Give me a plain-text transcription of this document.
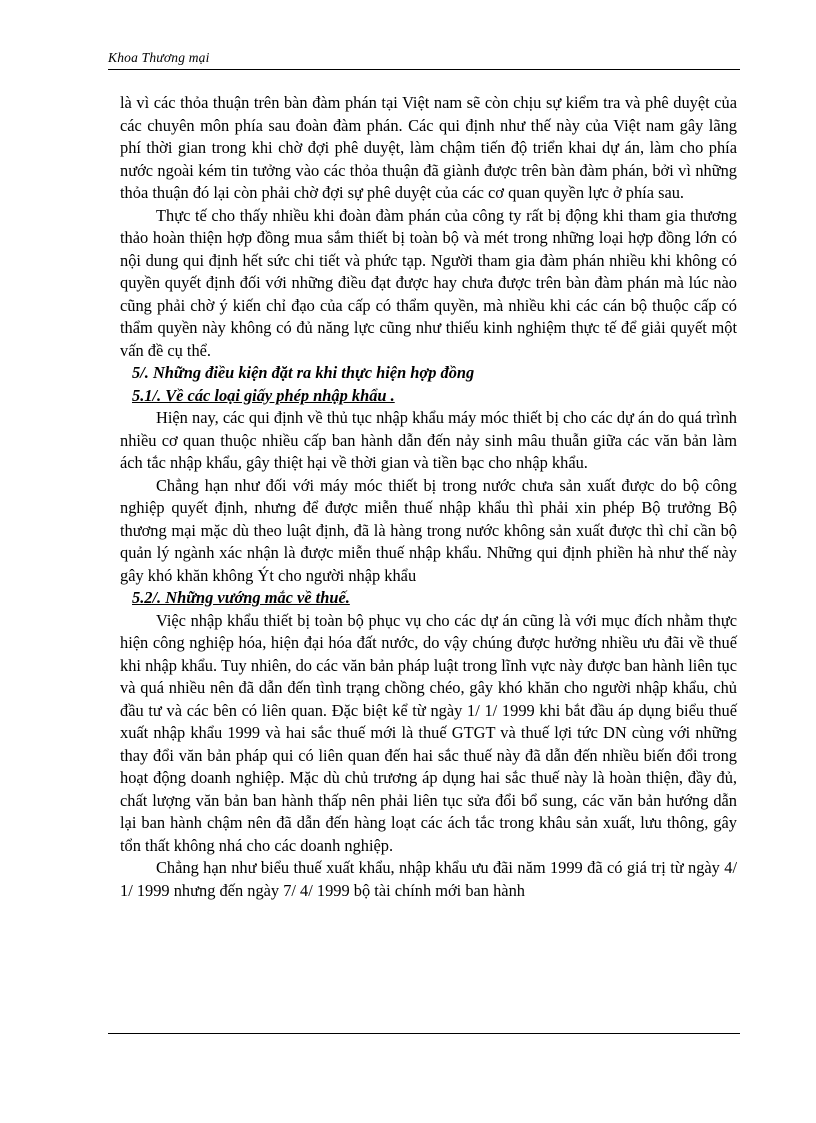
Khoa Thương mại

là vì các thỏa thuận trên bàn đàm phán tại Việt nam sẽ còn chịu sự kiểm tra và phê duyệt của các chuyên môn phía sau đoàn đàm phán. Các qui định như thế này của Việt nam gây lãng phí thời gian trong khi chờ đợi phê duyệt, làm chậm tiến độ triển khai dự án, làm cho phía nước ngoài kém tin tưởng vào các thỏa thuận đã giành được trên bàn đàm phán, bởi vì những thỏa thuận đó lại còn phải chờ đợi sự phê duyệt của các cơ quan quyền lực ở phía sau.

Thực tế cho thấy nhiều khi đoàn đàm phán của công ty rất bị động khi tham gia thương thảo hoàn thiện hợp đồng mua sắm thiết bị toàn bộ và mét trong những loại hợp đồng lớn có nội dung qui định hết sức chi tiết và phức tạp. Người tham gia đàm phán nhiều khi không có quyền quyết định đối với những điều đạt được hay chưa được trên bàn đàm phán mà lúc nào cũng phải chờ ý kiến chỉ đạo của cấp có thẩm quyền, mà nhiều khi các cán bộ thuộc cấp có thẩm quyền này không có đủ năng lực cũng như thiếu kinh nghiệm thực tế để giải quyết một vấn đề cụ thể.

5/. Những điều kiện đặt ra khi thực hiện hợp đồng

5.1/. Về các loại giấy phép nhập khẩu .

Hiện nay, các qui định về thủ tục nhập khẩu máy móc thiết bị cho các dự án do quá trình nhiều cơ quan thuộc nhiều cấp ban hành dẫn đến nảy sinh mâu thuẫn giữa các văn bản làm ách tắc nhập khẩu, gây thiệt hại về thời gian và tiền bạc cho nhập khẩu.

Chẳng hạn như đối với máy móc thiết bị trong nước chưa sản xuất được do bộ công nghiệp quyết định, nhưng để được miễn thuế nhập khẩu thì phải xin phép Bộ trưởng Bộ thương mại mặc dù theo luật định, đã là hàng trong nước không sản xuất được thì chỉ cần bộ quản lý ngành xác nhận là được miễn thuế nhập khẩu. Những qui định phiền hà như thế này gây khó khăn không Ýt cho người nhập khẩu

5.2/. Những vướng mắc về thuế.

Việc nhập khẩu thiết bị toàn bộ phục vụ cho các dự án cũng là với mục đích nhằm thực hiện công nghiệp hóa, hiện đại hóa đất nước, do vậy chúng được hưởng nhiều ưu đãi về thuế khi nhập khẩu. Tuy nhiên, do các văn bản pháp luật trong lĩnh vực này được ban hành liên tục và quá nhiều nên đã dẫn đến tình trạng chồng chéo, gây khó khăn cho người nhập khẩu, chủ đầu tư và các bên có liên quan. Đặc biệt kể từ ngày 1/ 1/ 1999 khi bắt đầu áp dụng biểu thuế xuất nhập khẩu 1999 và hai sắc thuế mới là thuế GTGT và thuế lợi tức DN cùng với những thay đổi văn bản pháp qui có liên quan đến hai sắc thuế này đã dẫn đến nhiều biến đổi trong hoạt động doanh nghiệp. Mặc dù chủ trương áp dụng hai sắc thuế này là hoàn thiện, đầy đủ, chất lượng văn bản ban hành thấp nên phải liên tục sửa đổi bổ sung, các văn bản hướng dẫn lại ban hành chậm nên đã dẫn đến hàng loạt các ách tắc trong khâu sản xuất, lưu thông, gây tổn thất không nhá cho các doanh nghiệp.

Chẳng hạn như biểu thuế xuất khẩu, nhập khẩu ưu đãi năm 1999 đã có giá trị từ ngày 4/ 1/ 1999 nhưng đến ngày 7/ 4/ 1999 bộ tài chính mới ban hành
